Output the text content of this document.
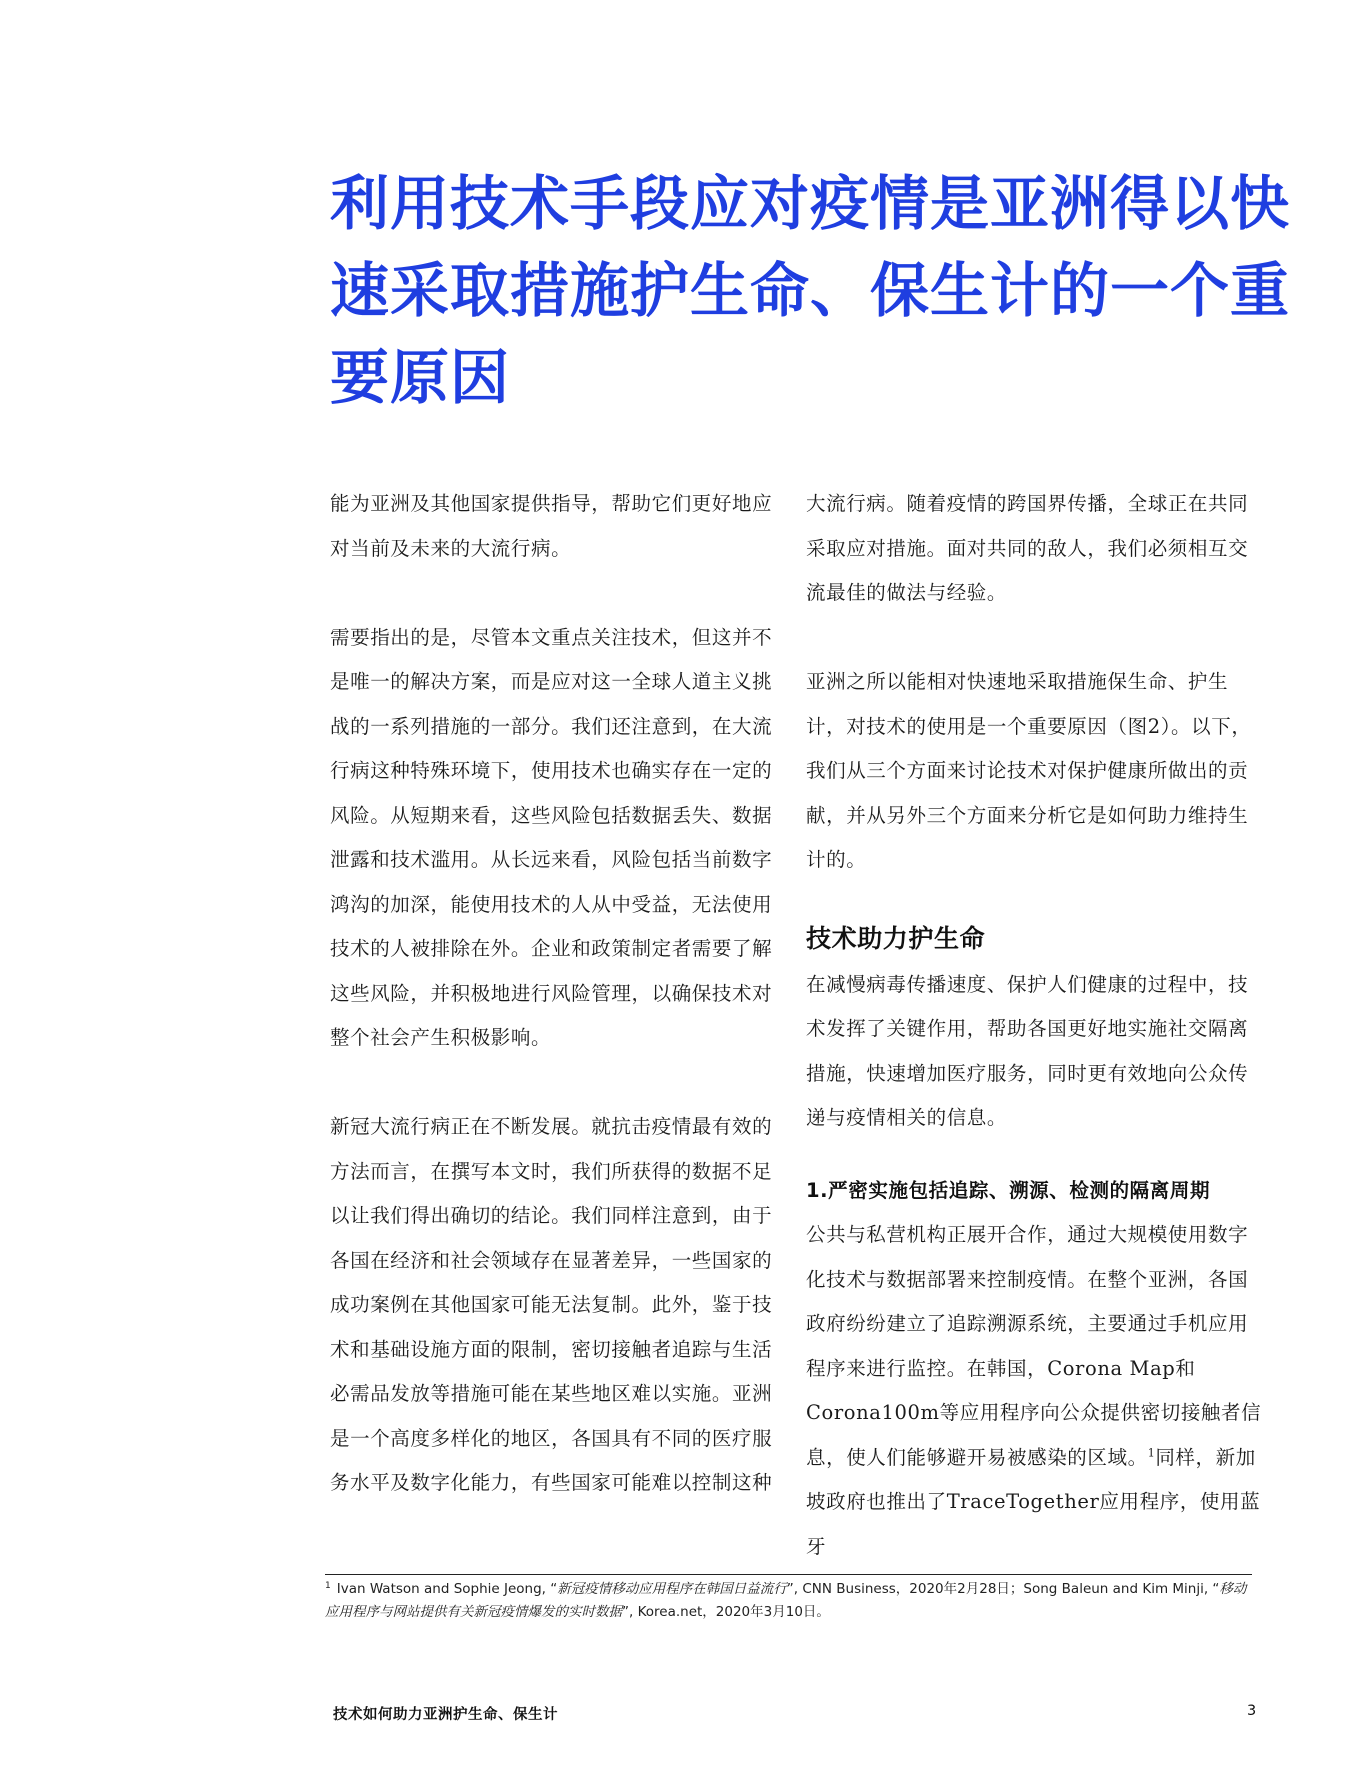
利用技术手段应对疫情是亚洲得以快速采取措施护生命、保生计的一个重要原因

能为亚洲及其他国家提供指导，帮助它们更好地应对当前及未来的大流行病。

需要指出的是，尽管本文重点关注技术，但这并不是唯一的解决方案，而是应对这一全球人道主义挑战的一系列措施的一部分。我们还注意到，在大流行病这种特殊环境下，使用技术也确实存在一定的风险。从短期来看，这些风险包括数据丢失、数据泄露和技术滥用。从长远来看，风险包括当前数字鸿沟的加深，能使用技术的人从中受益，无法使用技术的人被排除在外。企业和政策制定者需要了解这些风险，并积极地进行风险管理，以确保技术对整个社会产生积极影响。

新冠大流行病正在不断发展。就抗击疫情最有效的方法而言，在撰写本文时，我们所获得的数据不足以让我们得出确切的结论。我们同样注意到，由于各国在经济和社会领域存在显著差异，一些国家的成功案例在其他国家可能无法复制。此外，鉴于技术和基础设施方面的限制，密切接触者追踪与生活必需品发放等措施可能在某些地区难以实施。亚洲是一个高度多样化的地区，各国具有不同的医疗服务水平及数字化能力，有些国家可能难以控制这种

大流行病。随着疫情的跨国界传播，全球正在共同采取应对措施。面对共同的敌人，我们必须相互交流最佳的做法与经验。

亚洲之所以能相对快速地采取措施保生命、护生计，对技术的使用是一个重要原因（图2）。以下，我们从三个方面来讨论技术对保护健康所做出的贡献，并从另外三个方面来分析它是如何助力维持生计的。

技术助力护生命

在减慢病毒传播速度、保护人们健康的过程中，技术发挥了关键作用，帮助各国更好地实施社交隔离措施，快速增加医疗服务，同时更有效地向公众传递与疫情相关的信息。

1.严密实施包括追踪、溯源、检测的隔离周期

公共与私营机构正展开合作，通过大规模使用数字化技术与数据部署来控制疫情。在整个亚洲，各国政府纷纷建立了追踪溯源系统，主要通过手机应用程序来进行监控。在韩国，Corona Map和Corona100m等应用程序向公众提供密切接触者信息，使人们能够避开易被感染的区域。$^1$同样，新加坡政府也推出了TraceTogether应用程序，使用蓝牙

$^1$ Ivan Watson and Sophie Jeong, “新冠疫情移动应用程序在韩国日益流行”, CNN Business，2020年2月28日；Song Baleun and Kim Minji, “移动应用程序与网站提供有关新冠疫情爆发的实时数据”, Korea.net，2020年3月10日。
技术如何助力亚洲护生命、保生计	3
